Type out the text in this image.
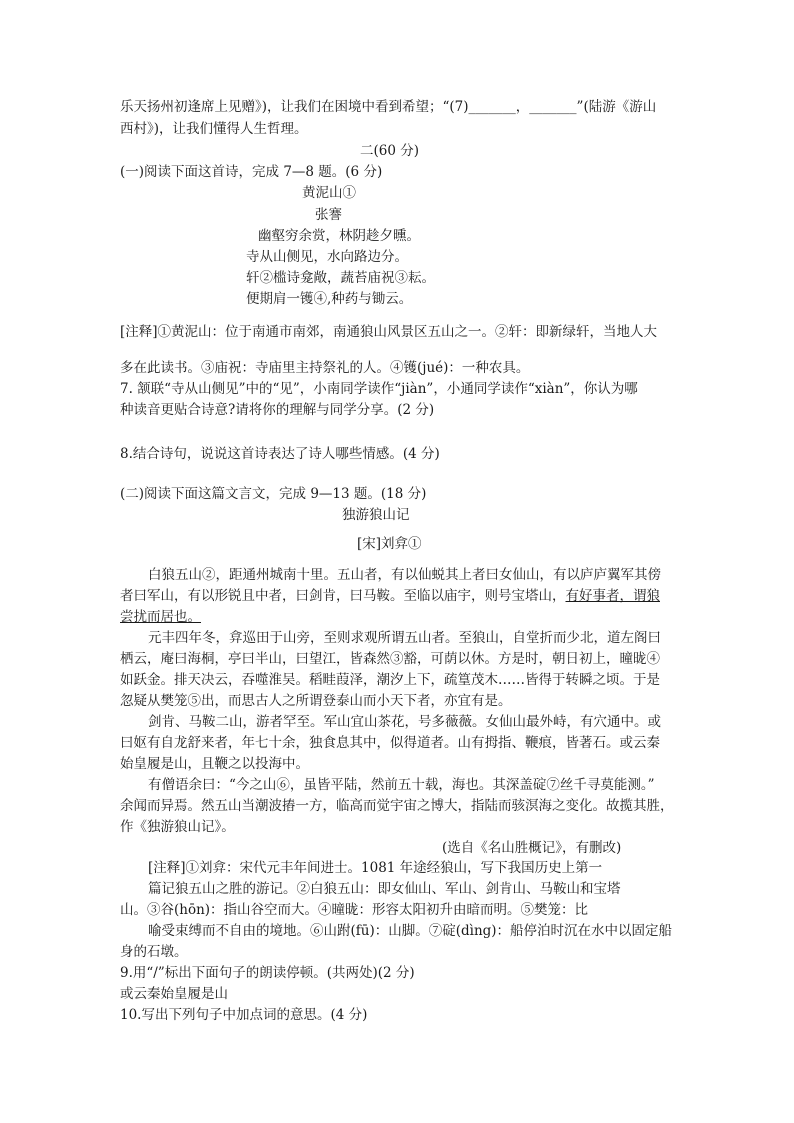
乐天扬州初逢席上见赠》)，让我们在困境中看到希望；“(7)_______，_______”(陆游《游山
西村》)，让我们懂得人生哲理。
二(60 分)
(一)阅读下面这首诗，完成 7—8 题。(6 分)
黄泥山①
张謇
幽壑穷余赏，林阴趁夕曛。
寺从山侧见，水向路边分。
轩②槛诗龛敞，蔬苔庙祝③耘。
便期肩一镬④,种药与锄云。
[注释]①黄泥山：位于南通市南郊，南通狼山风景区五山之一。②轩：即新绿轩，当地人大
多在此读书。③庙祝：寺庙里主持祭礼的人。④镬(jué)：一种农具。
7. 颔联“寺从山侧见”中的“见”，小南同学读作“jiàn”，小通同学读作“xiàn”，你认为哪
种读音更贴合诗意?请将你的理解与同学分享。(2 分)
8.结合诗句，说说这首诗表达了诗人哪些情感。(4 分)
(二)阅读下面这篇文言文，完成 9—13 题。(18 分)
独游狼山记
[宋]刘弇①
白狼五山②，距通州城南十里。五山者，有以仙蜕其上者曰女仙山，有以庐庐翼军其傍
者曰军山，有以形锐且中者，曰剑肯，曰马鞍。至临以庙宇，则号宝塔山，有好事者，谓狼
尝扰而居也。
元丰四年冬，弇巡田于山旁，至则求观所谓五山者。至狼山，自堂折而少北，道左阁曰
栖云，庵曰海桐，亭曰半山，曰望江，皆森然③豁，可荫以休。方是时，朝日初上，曈昽④
如跃金。排天决云，吞噬淮吴。稻畦葭泽，潮汐上下，疏篁茂木……皆得于转瞬之顷。于是
忽疑从樊笼⑤出，而思古人之所谓登泰山而小天下者，亦宜有是。
剑肯、马鞍二山，游者罕至。军山宜山茶花，号多薇薇。女仙山最外峙，有穴通中。或
曰妪有自龙舒来者，年七十余，独食息其中，似得道者。山有拇指、鞭痕，皆著石。或云秦
始皇履是山，且鞭之以投海中。
有僧语余曰：“今之山⑥，虽皆平陆，然前五十载，海也。其深盖碇⑦丝千寻莫能测。”
余闻而异焉。然五山当潮波摏一方，临高而觉宇宙之博大，指陆而骇溟海之变化。故揽其胜，
作《独游狼山记》。
(选自《名山胜概记》，有删改)
[注释]①刘弇：宋代元丰年间进士。1081 年途经狼山，写下我国历史上第一
篇记狼五山之胜的游记。②白狼五山：即女仙山、军山、剑肯山、马鞍山和宝塔
山。③谷(hōn)：指山谷空而大。④曈昽：形容太阳初升由暗而明。⑤樊笼：比
喻受束缚而不自由的境地。⑥山跗(fū)：山脚。⑦碇(dìng)：船停泊时沉在水中以固定船
身的石墩。
9.用“/”标出下面句子的朗读停顿。(共两处)(2 分)
或云秦始皇履是山
10.写出下列句子中加点词的意思。(4 分)
